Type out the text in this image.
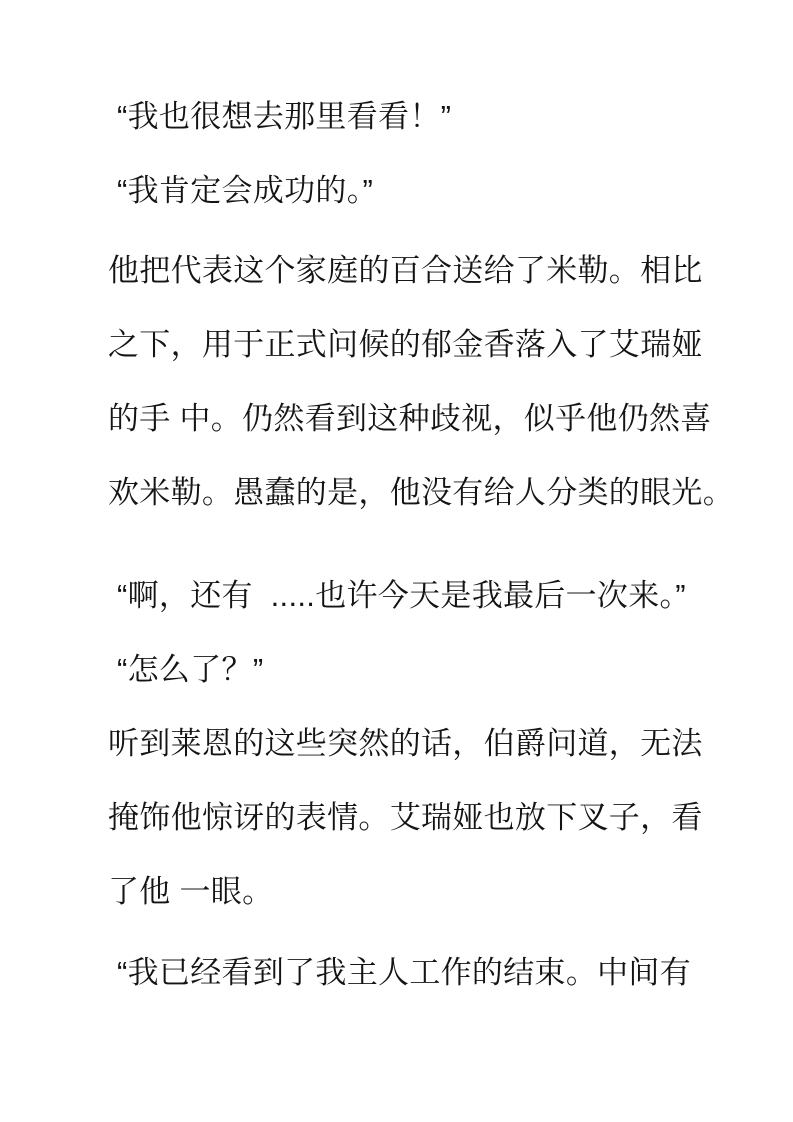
“我也很想去那里看看！”

“我肯定会成功的。”

他把代表这个家庭的百合送给了米勒。相比
之下，用于正式问候的郁金香落入了艾瑞娅
的手 中。仍然看到这种歧视，似乎他仍然喜
欢米勒。愚蠢的是，他没有给人分类的眼光。

“啊，还有  .....也许今天是我最后一次来。”

“怎么了？”

听到莱恩的这些突然的话，伯爵问道，无法
掩饰他惊讶的表情。艾瑞娅也放下叉子，看
了他 一眼。

“我已经看到了我主人工作的结束。中间有
